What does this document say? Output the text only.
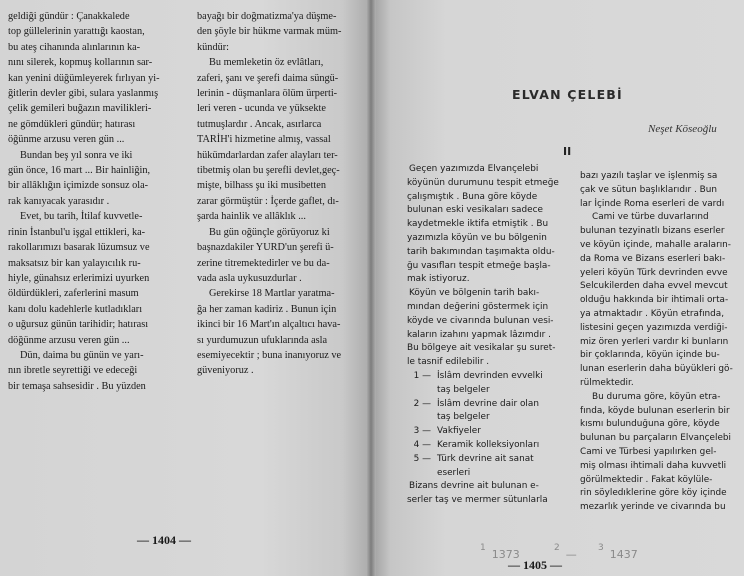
geldiği gündür : Çanakkalede
top güllelerinin yarattığı kaostan,
bu ateş cihanında alınlarının ka-
nını silerek, kopmuş kollarının sar-
kan yenini düğümleyerek fırlıyan yi-
ğitlerin devler gibi, sulara yaslanmış
çelik gemileri buğazın mavilikleri-
ne gömdükleri gündür; hatırası
öğünme arzusu veren gün ...

Bundan beş yıl sonra ve iki
gün önce, 16 mart ... Bir hainliğin,
bir allâklığın içimizde sonsuz ola-
rak kanıyacak yarasıdır .

Evet, bu tarih, İtilaf kuvvetle-
rinin İstanbul'u işgal ettikleri, ka-
rakollarımızı basarak lüzumsuz ve
maksatsız bir kan yalayıcılık ru-
hiyle, günahsız erlerimizi uyurken
öldürdükleri, zaferlerini masum
kanı dolu kadehlerle kutladıkları
o uğursuz günün tarihidir; hatırası
döğünme arzusu veren gün ...

Dün, daima bu günün ve yarı-
nın ibretle seyrettiği ve edeceği
bir temaşa sahsesidir . Bu yüzden

bayağı bir doğmatizma'ya düşme-
den şöyle bir hükme varmak müm-
kündür:

Bu memleketin öz evlâtları,
zaferi, şanı ve şerefi daima süngü-
lerinin - düşmanlara ölüm ürperti-
leri veren - ucunda ve yüksekte
tutmuşlardır . Ancak, asırlarca
TARİH'i hizmetine almış, vassal
hükümdarlardan zafer alayları ter-
tibetmiş olan bu şerefli devlet,geç-
mişte, bilhass şu iki musibetten
zarar görmüştür : İçerde gaflet, dı-
şarda hainlik ve allâklık ...

Bu gün oğünçle görüyoruz ki
başnazdakiler YURD'un şerefi ü-
zerine titremektedirler ve bu da-
vada asla uykusuzdurlar .

Gerekirse 18 Martlar yaratma-
ğa her zaman kadiriz . Bunun için
ikinci bir 16 Mart'ın alçaltıcı hava-
sı yurdumuzun ufuklarında asla
esemiyecektir ; buna inanıyoruz ve
güveniyoruz .

— 1404 —
ELVAN ÇELEBİ
Neşet Köseoğlu
II

Geçen yazımızda Elvançelebi
köyünün durumunu tespit etmeğe
çalışmıştık . Buna göre köyde
bulunan eski vesikaları sadece
kaydetmekle iktifa etmiştik . Bu
yazımızla köyün ve bu bölgenin
tarih bakımından taşımakta oldu-
ğu vasıfları tespit etmeğe başla-
mak istiyoruz.

Köyün ve bölgenin tarih bakı-
mından değerini göstermek için
köyde ve civarında bulunan vesi-
kaların izahını yapmak lâzımdır .
Bu bölgeye ait vesikalar şu suret-
le tasnif edilebilir .

1 — İslâm devrinden evvelki
taş belgeler
2 — İslâm devrine dair olan
taş belgeler
3 — Vakfiyeler
4 — Keramik kolleksiyonları
5 — Türk devrine ait sanat
eserleri

Bizans devrine ait bulunan e-
serler taş ve mermer sütunlarla

bazı yazılı taşlar ve işlenmiş sa
çak ve sütun başlıklarıdır . Bun
lar İçinde Roma eserleri de vardı

Cami ve türbe duvarlarınd
bulunan tezyinatlı bizans eserler
ve köyün içinde, mahalle araların-
da Roma ve Bizans eserleri bakı-
yeleri köyün Türk devrinden evve
Selcukilerden daha evvel mevcut
olduğu hakkında bir ihtimali orta-
ya atmaktadır . Köyün etrafında,
listesini geçen yazımızda verdiği-
miz ören yerleri vardır ki bunların
bir çoklarında, köyün içinde bu-
lunan eserlerin daha büyükleri gö-
rülmektedir.

Bu duruma göre, köyün etra-
fında, köyde bulunan eserlerin bir
kısmı bulunduğuna göre, köyde
bulunan bu parçaların Elvançelebi
Cami ve Türbesi yapılırken gel-
miş olması ihtimali daha kuvvetli
görülmektedir . Fakat köylüle-
rin söyledıklerine göre köy içinde
mezarlık yerinde ve civarında bu

— 1405 —
$^1$ 1373	$^2$ — $^3$ 1437
